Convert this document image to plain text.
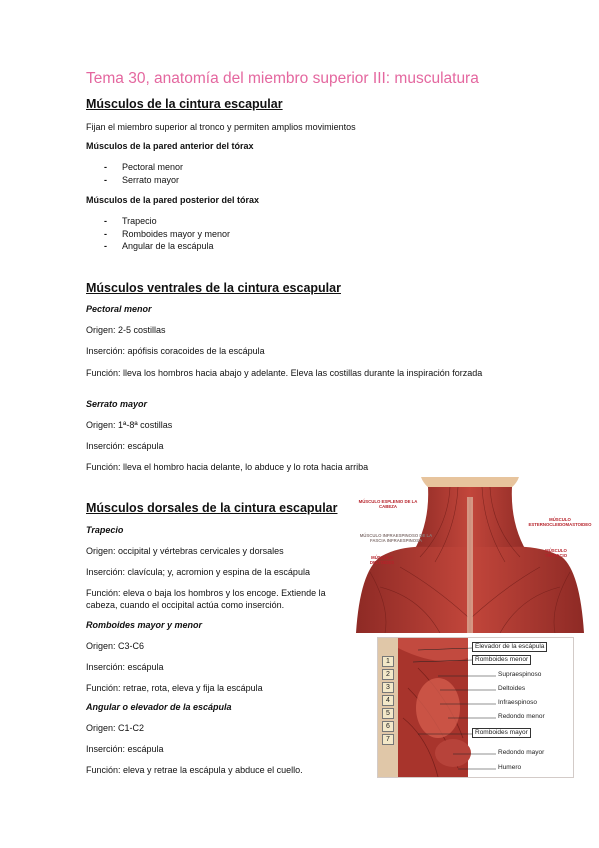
Tema 30, anatomía del miembro superior III: musculatura
Músculos de la cintura escapular
Fijan el miembro superior al tronco y permiten amplios movimientos
Músculos de la pared anterior del tórax
- Pectoral menor
- Serrato mayor
Músculos de la pared posterior del tórax
- Trapecio
- Romboides mayor y menor
- Angular de la escápula
Músculos ventrales de la cintura escapular
Pectoral menor
Origen: 2-5 costillas
Inserción: apófisis coracoides de la escápula
Función: lleva los hombros hacia abajo y adelante. Eleva las costillas durante la inspiración forzada
Serrato mayor
Origen: 1ª-8ª costillas
Inserción: escápula
Función: lleva el hombro hacia delante, lo abduce y lo rota hacia arriba
Músculos dorsales de la cintura escapular
Trapecio
Origen: occipital y vértebras cervicales y dorsales
Inserción: clavícula; y, acromion y espina de la escápula
Función: eleva o baja los hombros y los encoge. Extiende la cabeza, cuando el occipital actúa como inserción.
Romboides mayor y menor
Origen: C3-C6
Inserción: escápula
Función: retrae, rota, eleva y fija la escápula
Angular o elevador de la escápula
Origen: C1-C2
Inserción: escápula
Función: eleva y retrae la escápula y abduce el cuello.
MÚSCULO ESPLENIO DE LA CABEZA
MÚSCULO INFRAESPINOSO DE LA FASCIA INFRAESPINOSA
MÚSCULO DELTOIDES
MÚSCULO ESTERNOCLEIDOMASTOIDEO
MÚSCULO TRAPECIO
Elevador de la escápula
Romboides menor
Supraespinoso
Deltoides
Infraespinoso
Redondo menor
Romboides mayor
Redondo mayor
Humero
1
2
3
4
5
6
7
